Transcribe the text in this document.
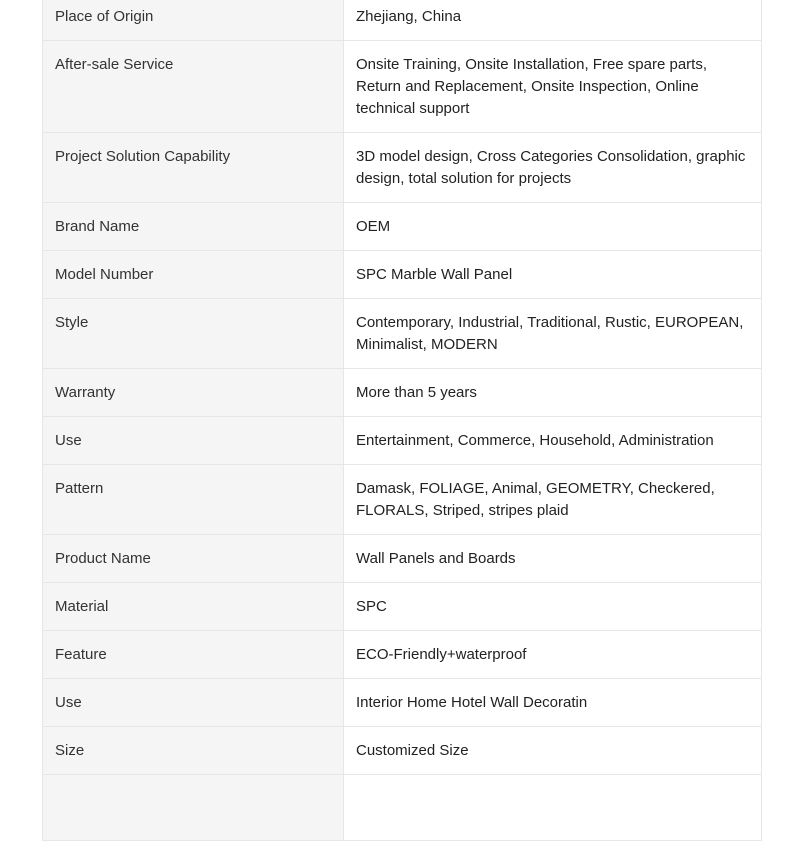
Place of Origin	Zhejiang, China
After-sale Service	Onsite Training, Onsite Installation, Free spare parts, Return and Replacement, Onsite Inspection, Online technical support
Project Solution Capability	3D model design, Cross Categories Consolidation, graphic design, total solution for projects
Brand Name	OEM
Model Number	SPC Marble Wall Panel
Style	Contemporary, Industrial, Traditional, Rustic, EUROPEAN, Minimalist, MODERN
Warranty	More than 5 years
Use	Entertainment, Commerce, Household, Administration
Pattern	Damask, FOLIAGE, Animal, GEOMETRY, Checkered, FLORALS, Striped, stripes plaid
Product Name	Wall Panels and Boards
Material	SPC
Feature	ECO-Friendly+waterproof
Use	Interior Home Hotel Wall Decoratin
Size	Customized Size
